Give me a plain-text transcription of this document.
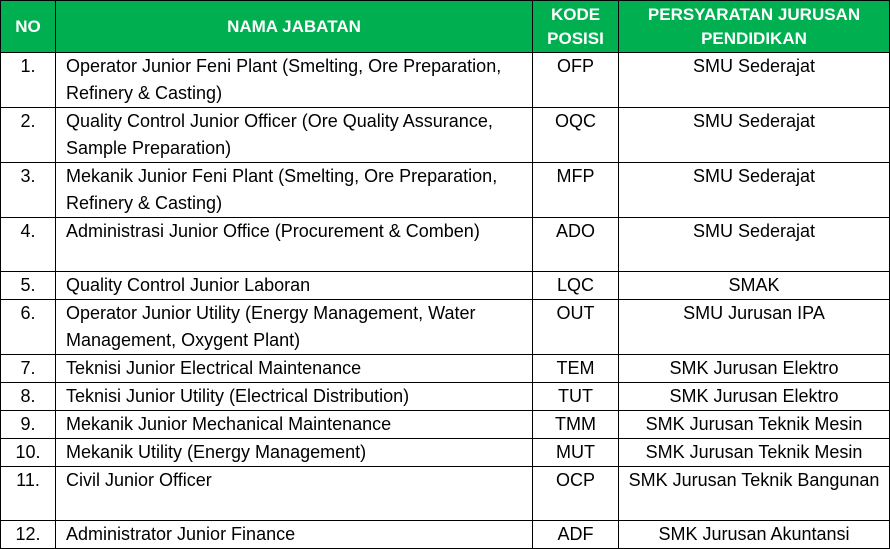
NO	NAMA JABATAN	KODE POSISI	PERSYARATAN JURUSAN PENDIDIKAN
1.	Operator Junior Feni Plant (Smelting, Ore Preparation, Refinery & Casting)	OFP	SMU Sederajat
2.	Quality Control Junior Officer (Ore Quality Assurance, Sample Preparation)	OQC	SMU Sederajat
3.	Mekanik Junior Feni Plant (Smelting, Ore Preparation, Refinery & Casting)	MFP	SMU Sederajat
4.	Administrasi Junior Office (Procurement & Comben)	ADO	SMU Sederajat
5.	Quality Control Junior Laboran	LQC	SMAK
6.	Operator Junior Utility (Energy Management, Water Management, Oxygent Plant)	OUT	SMU Jurusan IPA
7.	Teknisi Junior Electrical Maintenance	TEM	SMK Jurusan Elektro
8.	Teknisi Junior Utility (Electrical Distribution)	TUT	SMK Jurusan Elektro
9.	Mekanik Junior Mechanical Maintenance	TMM	SMK Jurusan Teknik Mesin
10.	Mekanik Utility (Energy Management)	MUT	SMK Jurusan Teknik Mesin
11.	Civil Junior Officer	OCP	SMK Jurusan Teknik Bangunan
12.	Administrator Junior Finance	ADF	SMK Jurusan Akuntansi
